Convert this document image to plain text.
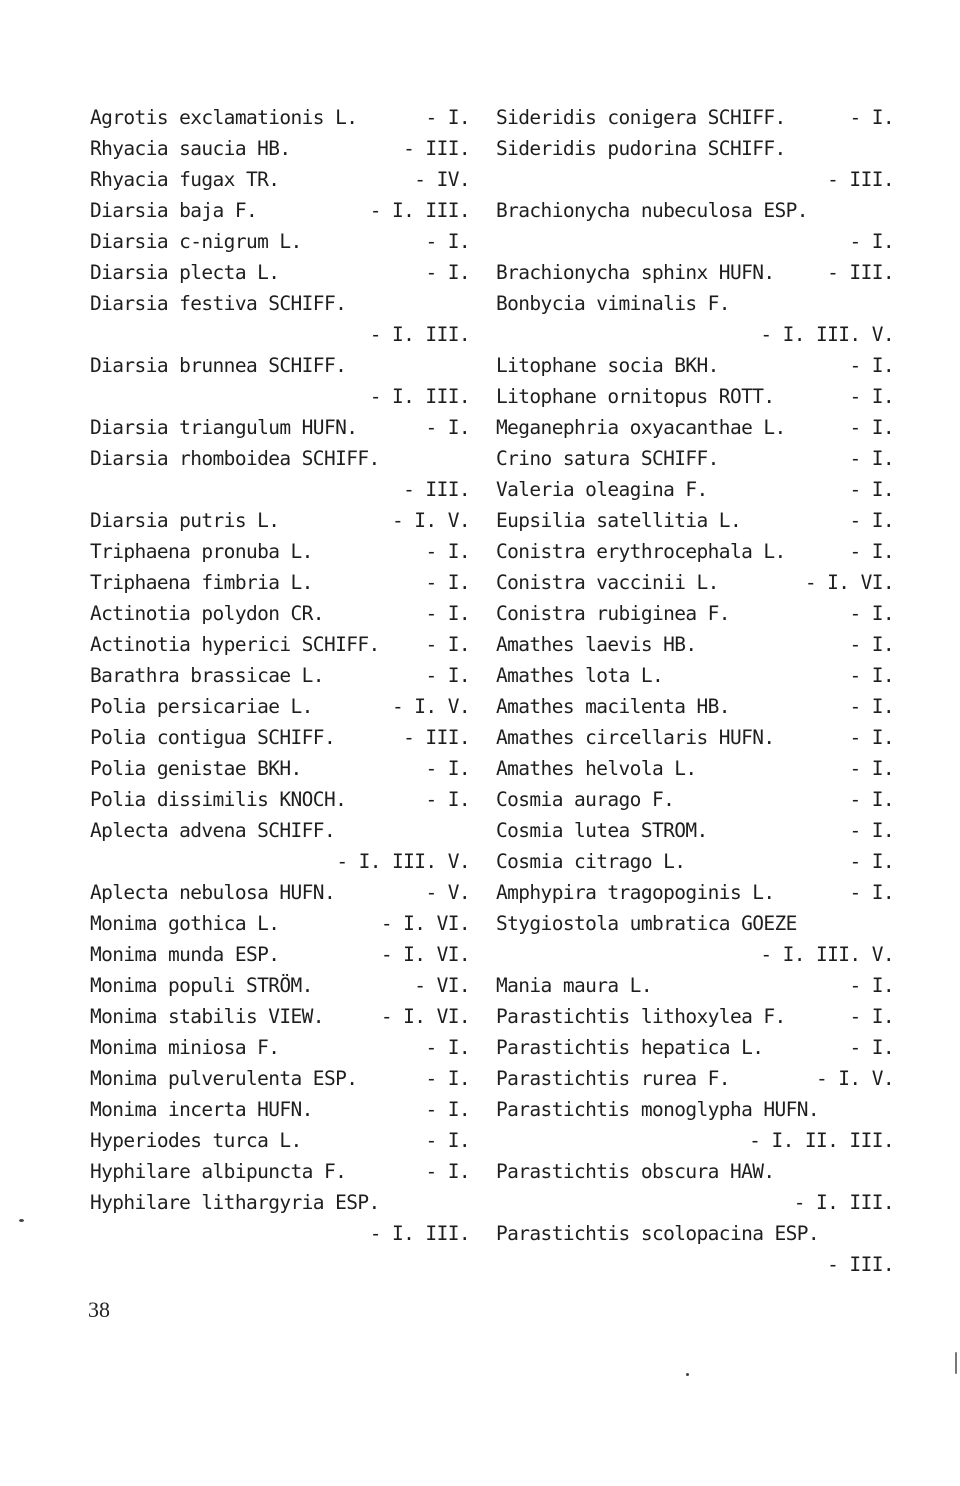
Agrotis exclamationis L.	- I.
Rhyacia saucia HB.	- III.
Rhyacia fugax TR.	- IV.
Diarsia baja F.	- I. III.
Diarsia c-nigrum L.	- I.
Diarsia plecta L.	- I.
Diarsia festiva SCHIFF.
- I. III.
Diarsia brunnea SCHIFF.
- I. III.
Diarsia triangulum HUFN.	- I.
Diarsia rhomboidea SCHIFF.
- III.
Diarsia putris L.	- I. V.
Triphaena pronuba L.	- I.
Triphaena fimbria L.	- I.
Actinotia polydon CR.	- I.
Actinotia hyperici SCHIFF. - I.
Barathra brassicae L.	- I.
Polia persicariae L.	- I. V.
Polia contigua SCHIFF.	- III.
Polia genistae BKH.	- I.
Polia dissimilis KNOCH.	- I.
Aplecta advena SCHIFF.
- I. III. V.
Aplecta nebulosa HUFN.	- V.
Monima gothica L.	- I. VI.
Monima munda ESP.	- I. VI.
Monima populi STRÖM.	- VI.
Monima stabilis VIEW.	- I. VI.
Monima miniosa F.	- I.
Monima pulverulenta ESP.	- I.
Monima incerta HUFN.	- I.
Hyperiodes turca L.	- I.
Hyphilare albipuncta F.	- I.
Hyphilare lithargyria ESP.
- I. III.
Sideridis conigera SCHIFF.	- I.
Sideridis pudorina SCHIFF.
- III.
Brachionycha nubeculosa ESP.
- I.
Brachionycha sphinx HUFN.	- III.
Bonbycia viminalis F.
- I. III. V.
Litophane socia BKH.	- I.
Litophane ornitopus ROTT.	- I.
Meganephria oxyacanthae L.	- I.
Crino satura SCHIFF.	- I.
Valeria oleagina F.	- I.
Eupsilia satellitia L.	- I.
Conistra erythrocephala L.	- I.
Conistra vaccinii L.	- I. VI.
Conistra rubiginea F.	- I.
Amathes laevis HB.	- I.
Amathes lota L.	- I.
Amathes macilenta HB.	- I.
Amathes circellaris HUFN.	- I.
Amathes helvola L.	- I.
Cosmia aurago F.	- I.
Cosmia lutea STROM.	- I.
Cosmia citrago L.	- I.
Amphypira tragopoginis L.	- I.
Stygiostola umbratica GOEZE
- I. III. V.
Mania maura L.	- I.
Parastichtis lithoxylea F.	- I.
Parastichtis hepatica L.	- I.
Parastichtis rurea F.	- I. V.
Parastichtis monoglypha HUFN.
- I. II. III.
Parastichtis obscura HAW.
- I. III.
Parastichtis scolopacina ESP.
- III.
38
